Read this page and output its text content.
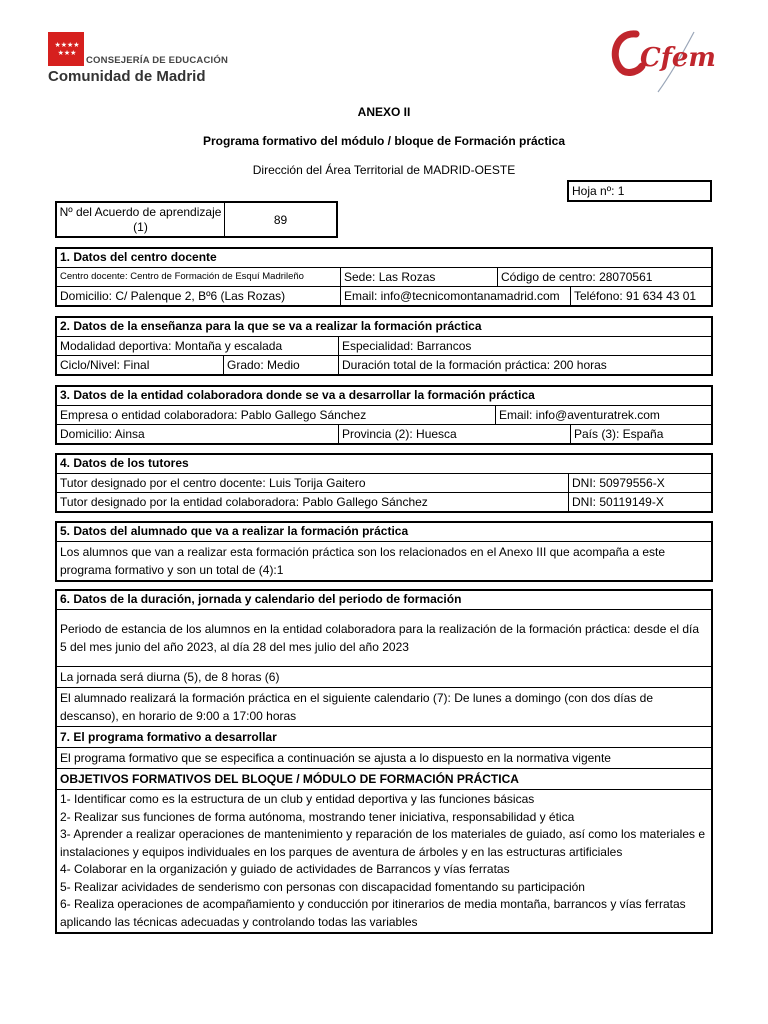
★★★★
★★★
CONSEJERÍA DE EDUCACIÓN
Comunidad de Madrid
Cfem
ANEXO II
Programa formativo del módulo / bloque de Formación práctica
Dirección del Área Territorial de MADRID-OESTE
Hoja nº: 1
Nº del Acuerdo de aprendizaje (1)	89
1. Datos del centro docente
Centro docente: Centro de Formación de Esquí Madrileño	Sede: Las Rozas	Código de centro: 28070561
Domicilio: C/ Palenque 2, Bº6 (Las Rozas)	Email: info@tecnicomontanamadrid.com	Teléfono: 91 634 43 01
2. Datos de la enseñanza para la que se va a realizar la formación práctica
Modalidad deportiva: Montaña y escalada	Especialidad: Barrancos
Ciclo/Nivel: Final	Grado: Medio	Duración total de la formación práctica: 200 horas
3. Datos de la entidad colaboradora donde se va a desarrollar la formación práctica
Empresa o entidad colaboradora: Pablo Gallego Sánchez	Email: info@aventuratrek.com
Domicilio: Ainsa	Provincia (2): Huesca	País (3): España
4. Datos de los tutores
Tutor designado por el centro docente: Luis Torija Gaitero	DNI: 50979556-X
Tutor designado por la entidad colaboradora: Pablo Gallego Sánchez	DNI: 50119149-X
5. Datos del alumnado que va a realizar la formación práctica
Los alumnos que van a realizar esta formación práctica son los relacionados en el Anexo III que acompaña a este programa formativo y son un total de (4):1
6. Datos de la duración, jornada y calendario del periodo de formación
Periodo de estancia de los alumnos en la entidad colaboradora para la realización de la formación práctica: desde el día 5 del mes junio del año 2023, al día 28 del mes julio del año 2023
La jornada será diurna (5), de 8 horas (6)
El alumnado realizará la formación práctica en el siguiente calendario (7): De lunes a domingo (con dos días de descanso), en horario de 9:00 a 17:00 horas
7. El programa formativo a desarrollar
El programa formativo que se especifica a continuación se ajusta a lo dispuesto en la normativa vigente
OBJETIVOS FORMATIVOS DEL BLOQUE / MÓDULO DE FORMACIÓN PRÁCTICA
1- Identificar como es la estructura de un club y entidad deportiva y las funciones básicas
2- Realizar sus funciones de forma autónoma, mostrando tener iniciativa, responsabilidad y ética
3- Aprender a realizar operaciones de mantenimiento y reparación de los materiales de guiado, así como los materiales e instalaciones y equipos individuales en los parques de aventura de árboles y en las estructuras artificiales
4- Colaborar en la organización y guiado de actividades de Barrancos y vías ferratas
5- Realizar acividades de senderismo con personas con discapacidad fomentando su participación
6- Realiza operaciones de acompañamiento y conducción por itinerarios de media montaña, barrancos y vías ferratas aplicando las técnicas adecuadas y controlando todas las variables
